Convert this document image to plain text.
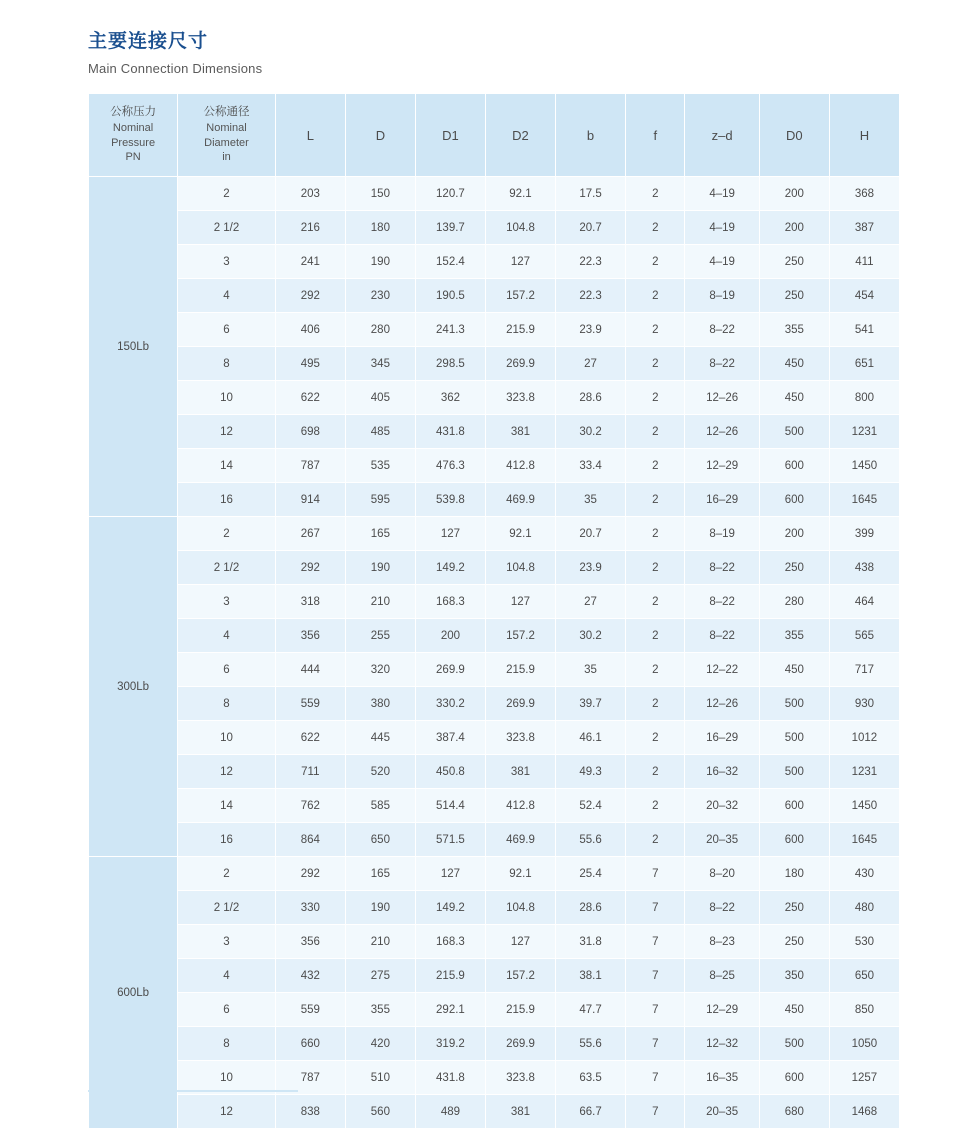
主要连接尺寸
Main Connection Dimensions
公称压力
Nominal
Pressure
PN	公称通径
Nominal
Diameter
in	L	D	D1	D2	b	f	z–d	D0	H
150Lb	2	203	150	120.7	92.1	17.5	2	4–19	200	368
	2 1/2	216	180	139.7	104.8	20.7	2	4–19	200	387
	3	241	190	152.4	127	22.3	2	4–19	250	411
	4	292	230	190.5	157.2	22.3	2	8–19	250	454
	6	406	280	241.3	215.9	23.9	2	8–22	355	541
	8	495	345	298.5	269.9	27	2	8–22	450	651
	10	622	405	362	323.8	28.6	2	12–26	450	800
	12	698	485	431.8	381	30.2	2	12–26	500	1231
	14	787	535	476.3	412.8	33.4	2	12–29	600	1450
	16	914	595	539.8	469.9	35	2	16–29	600	1645
300Lb	2	267	165	127	92.1	20.7	2	8–19	200	399
	2 1/2	292	190	149.2	104.8	23.9	2	8–22	250	438
	3	318	210	168.3	127	27	2	8–22	280	464
	4	356	255	200	157.2	30.2	2	8–22	355	565
	6	444	320	269.9	215.9	35	2	12–22	450	717
	8	559	380	330.2	269.9	39.7	2	12–26	500	930
	10	622	445	387.4	323.8	46.1	2	16–29	500	1012
	12	711	520	450.8	381	49.3	2	16–32	500	1231
	14	762	585	514.4	412.8	52.4	2	20–32	600	1450
	16	864	650	571.5	469.9	55.6	2	20–35	600	1645
600Lb	2	292	165	127	92.1	25.4	7	8–20	180	430
	2 1/2	330	190	149.2	104.8	28.6	7	8–22	250	480
	3	356	210	168.3	127	31.8	7	8–23	250	530
	4	432	275	215.9	157.2	38.1	7	8–25	350	650
	6	559	355	292.1	215.9	47.7	7	12–29	450	850
	8	660	420	319.2	269.9	55.6	7	12–32	500	1050
	10	787	510	431.8	323.8	63.5	7	16–35	600	1257
	12	838	560	489	381	66.7	7	20–35	680	1468
